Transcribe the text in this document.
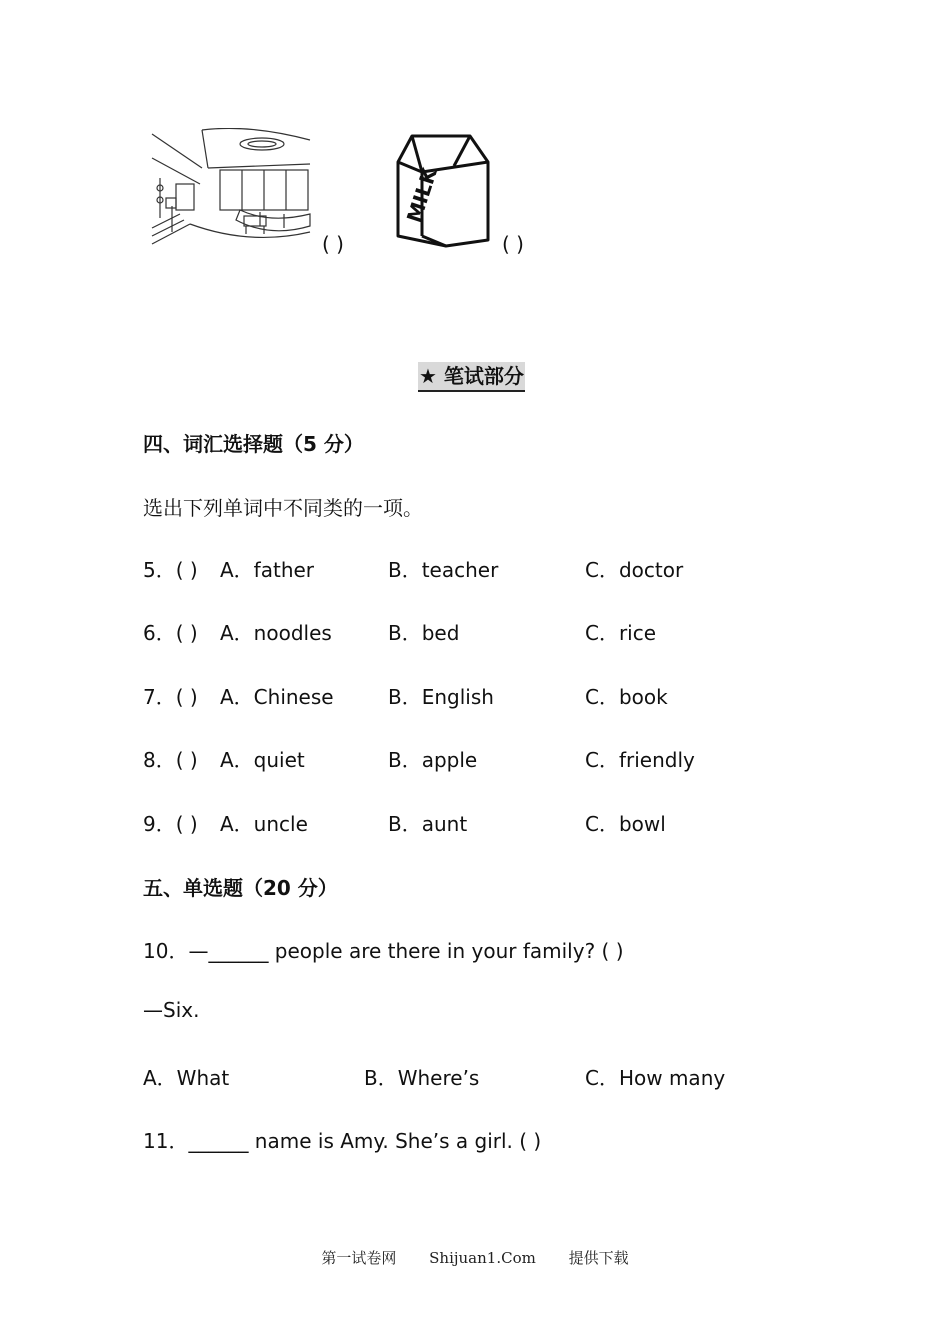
( )
MILK
( )
★ 笔试部分
四、词汇选择题（5 分）
选出下列单词中不同类的一项。
5．( ) A．father	B．teacher	C．doctor
6．( ) A．noodles	B．bed	C．rice
7．( ) A．Chinese	B．English	C．book
8．( ) A．quiet	B．apple	C．friendly
9．( ) A．uncle	B．aunt	C．bowl
五、单选题（20 分）
10．—______ people are there in your family? ( )
—Six.
A．What	B．Where’s	C．How many
11．______ name is Amy. She’s a girl. ( )
第一试卷网 Shijuan1.Com 提供下载
